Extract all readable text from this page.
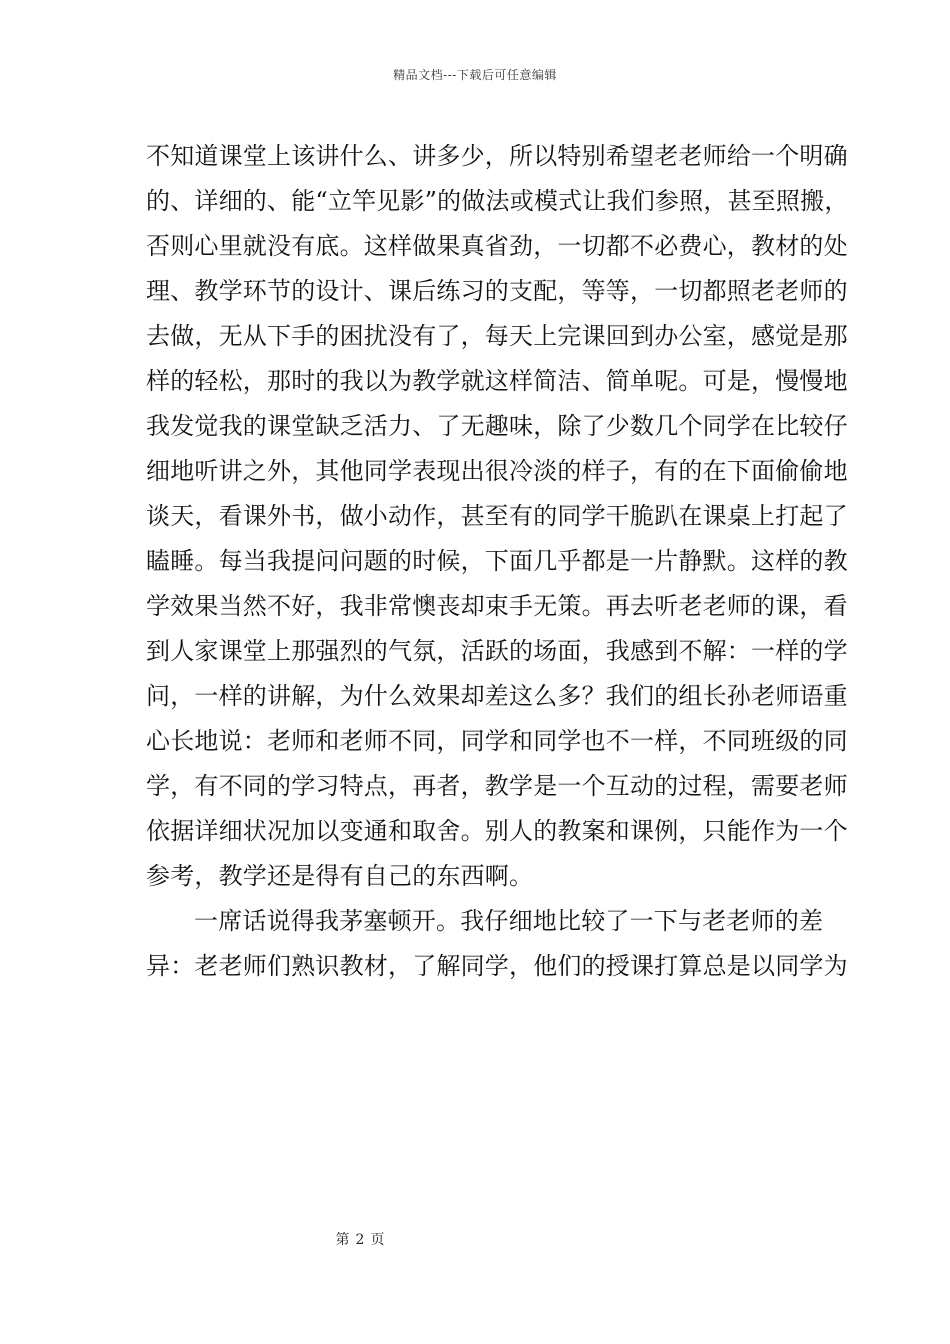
精品文档---下载后可任意编辑
不知道课堂上该讲什么、讲多少，所以特别希望老老师给一个明确
的、详细的、能“立竿见影”的做法或模式让我们参照，甚至照搬，
否则心里就没有底。这样做果真省劲，一切都不必费心，教材的处
理、教学环节的设计、课后练习的支配，等等，一切都照老老师的
去做，无从下手的困扰没有了，每天上完课回到办公室，感觉是那
样的轻松，那时的我以为教学就这样简洁、简单呢。可是，慢慢地
我发觉我的课堂缺乏活力、了无趣味，除了少数几个同学在比较仔
细地听讲之外，其他同学表现出很冷淡的样子，有的在下面偷偷地
谈天，看课外书，做小动作，甚至有的同学干脆趴在课桌上打起了
瞌睡。每当我提问问题的时候，下面几乎都是一片静默。这样的教
学效果当然不好，我非常懊丧却束手无策。再去听老老师的课，看
到人家课堂上那强烈的气氛，活跃的场面，我感到不解：一样的学
问，一样的讲解，为什么效果却差这么多？我们的组长孙老师语重
心长地说：老师和老师不同，同学和同学也不一样，不同班级的同
学，有不同的学习特点，再者，教学是一个互动的过程，需要老师
依据详细状况加以变通和取舍。别人的教案和课例，只能作为一个
参考，教学还是得有自己的东西啊。
一席话说得我茅塞顿开。我仔细地比较了一下与老老师的差
异：老老师们熟识教材，了解同学，他们的授课打算总是以同学为
第 2 页
